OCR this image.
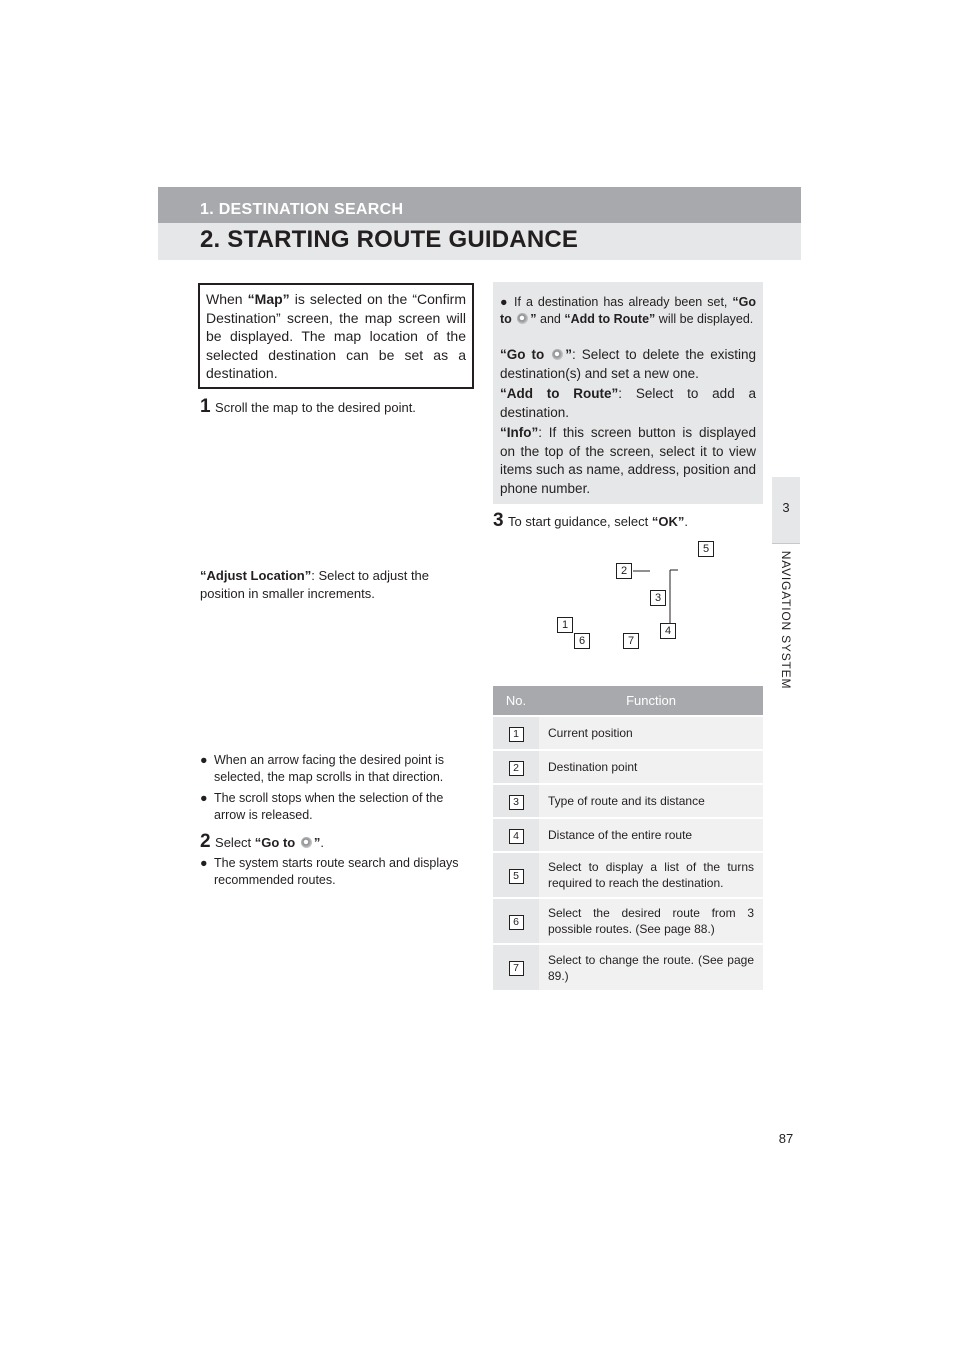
1. DESTINATION SEARCH
2. STARTING ROUTE GUIDANCE
3
NAVIGATION SYSTEM
When “Map” is selected on the “Confirm Destination” screen, the map screen will be displayed. The map location of the selected destination can be set as a destination.
1 Scroll the map to the desired point.
“Adjust Location”: Select to adjust the position in smaller increments.
● When an arrow facing the desired point is
selected, the map scrolls in that direction.
● The scroll stops when the selection of the
arrow is released.
2 Select “Go to ”.
● The system starts route search and displays
recommended routes.

● If a destination has already been set, “Go to ” and “Add to Route” will be displayed.

“Go to ”: Select to delete the existing destination(s) and set a new one.

“Add to Route”: Select to add a destination.

“Info”: If this screen button is displayed on the top of the screen, select it to view items such as name, address, position and phone number.

3 To start guidance, select “OK”.
5
2
3
1	4
6	7
No.	Function
1	Current position
2	Destination point
3	Type of route and its distance
4	Distance of the entire route
5	Select to display a list of the turns required to reach the destination.
6	Select the desired route from 3 possible routes. (See page 88.)
7	Select to change the route. (See page 89.)
87
